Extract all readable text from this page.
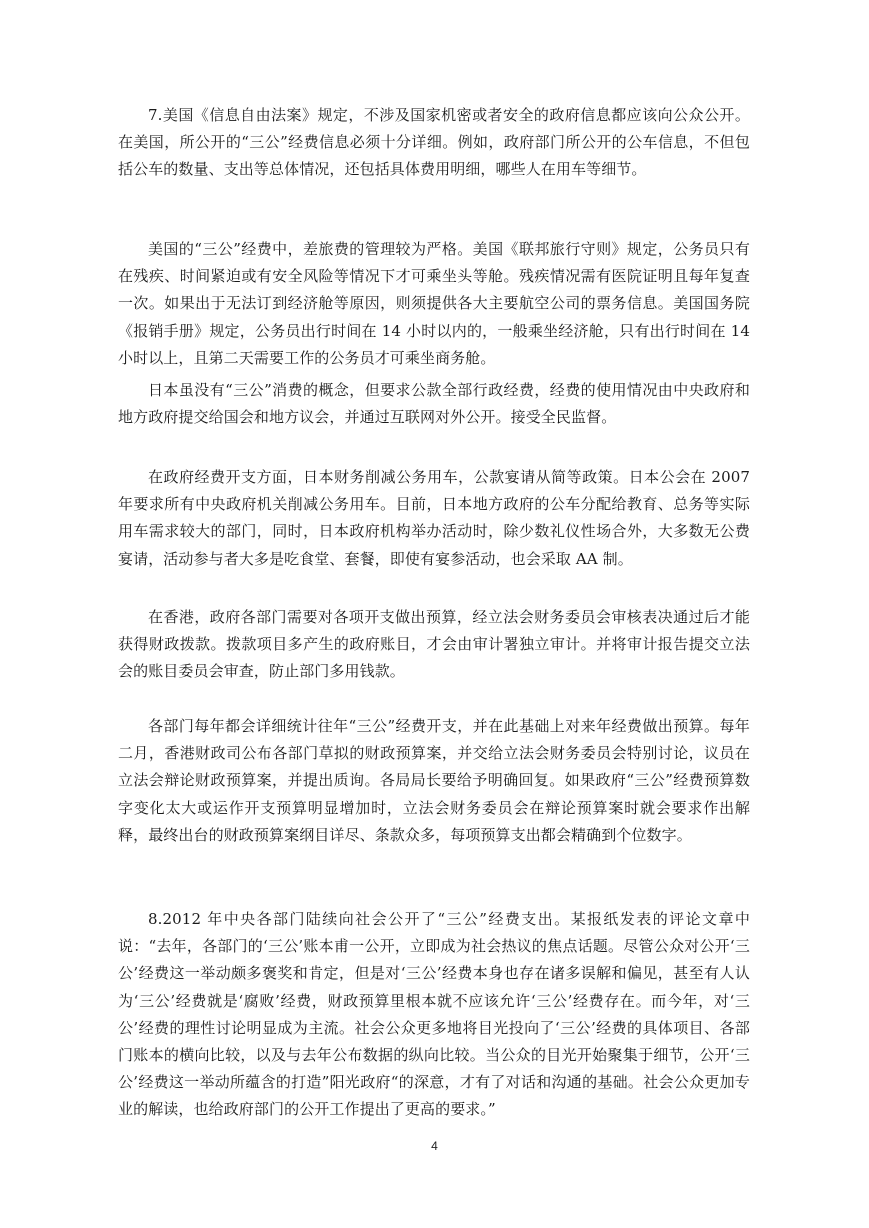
7.美国《信息自由法案》规定，不涉及国家机密或者安全的政府信息都应该向公众公开。在美国，所公开的“三公”经费信息必须十分详细。例如，政府部门所公开的公车信息，不但包括公车的数量、支出等总体情况，还包括具体费用明细，哪些人在用车等细节。

美国的“三公”经费中，差旅费的管理较为严格。美国《联邦旅行守则》规定，公务员只有在残疾、时间紧迫或有安全风险等情况下才可乘坐头等舱。残疾情况需有医院证明且每年复查一次。如果出于无法订到经济舱等原因，则须提供各大主要航空公司的票务信息。美国国务院《报销手册》规定，公务员出行时间在 14 小时以内的，一般乘坐经济舱，只有出行时间在 14 小时以上，且第二天需要工作的公务员才可乘坐商务舱。

日本虽没有“三公”消费的概念，但要求公款全部行政经费，经费的使用情况由中央政府和地方政府提交给国会和地方议会，并通过互联网对外公开。接受全民监督。

在政府经费开支方面，日本财务削减公务用车，公款宴请从简等政策。日本公会在 2007 年要求所有中央政府机关削减公务用车。目前，日本地方政府的公车分配给教育、总务等实际用车需求较大的部门，同时，日本政府机构举办活动时，除少数礼仪性场合外，大多数无公费宴请，活动参与者大多是吃食堂、套餐，即使有宴参活动，也会采取 AA 制。

在香港，政府各部门需要对各项开支做出预算，经立法会财务委员会审核表决通过后才能获得财政拨款。拨款项目多产生的政府账目，才会由审计署独立审计。并将审计报告提交立法会的账目委员会审查，防止部门多用钱款。

各部门每年都会详细统计往年“三公”经费开支，并在此基础上对来年经费做出预算。每年二月，香港财政司公布各部门草拟的财政预算案，并交给立法会财务委员会特别讨论，议员在立法会辩论财政预算案，并提出质询。各局局长要给予明确回复。如果政府“三公”经费预算数字变化太大或运作开支预算明显增加时，立法会财务委员会在辩论预算案时就会要求作出解释，最终出台的财政预算案纲目详尽、条款众多，每项预算支出都会精确到个位数字。

8.2012 年中央各部门陆续向社会公开了“三公”经费支出。某报纸发表的评论文章中说：“去年，各部门的‘三公’账本甫一公开，立即成为社会热议的焦点话题。尽管公众对公开‘三公’经费这一举动颇多褒奖和肯定，但是对‘三公’经费本身也存在诸多误解和偏见，甚至有人认为‘三公’经费就是‘腐败’经费，财政预算里根本就不应该允许‘三公’经费存在。而今年，对‘三公’经费的理性讨论明显成为主流。社会公众更多地将目光投向了‘三公’经费的具体项目、各部门账本的横向比较，以及与去年公布数据的纵向比较。当公众的目光开始聚集于细节，公开‘三公’经费这一举动所蕴含的打造”阳光政府“的深意，才有了对话和沟通的基础。社会公众更加专业的解读，也给政府部门的公开工作提出了更高的要求。”

4
